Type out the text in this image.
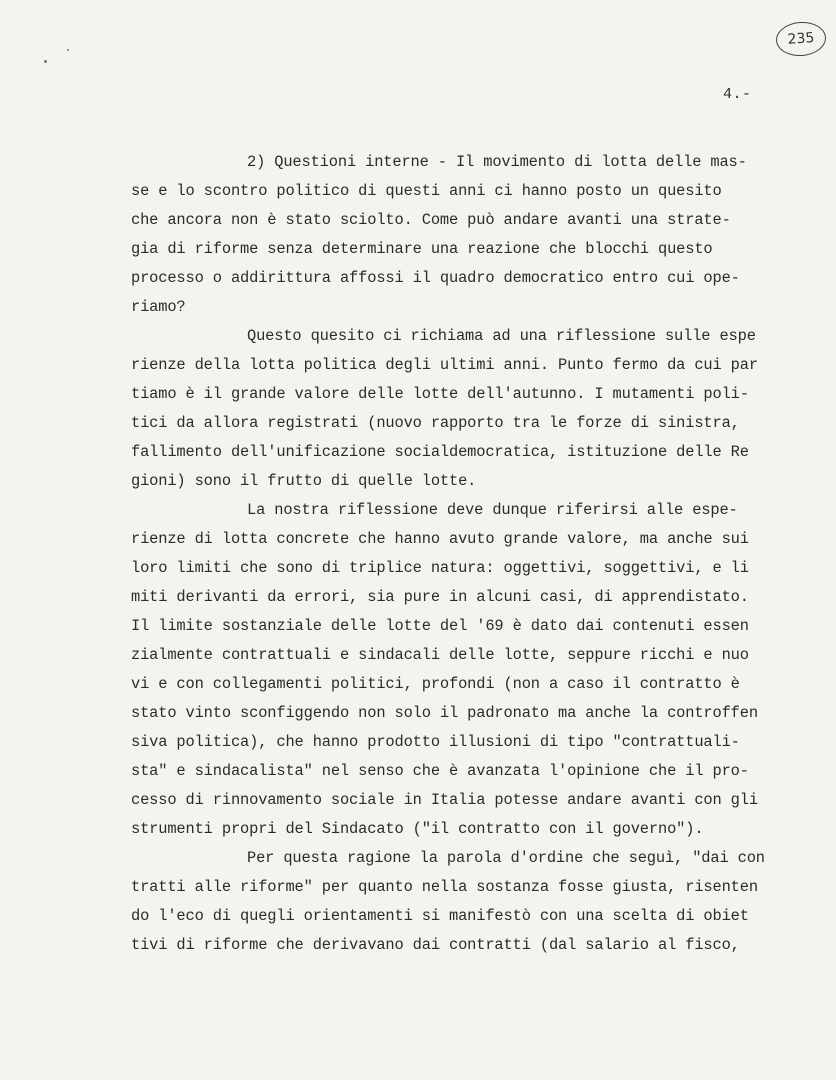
235
4.-
2) Questioni interne - Il movimento di lotta delle mas-
se e lo scontro politico di questi anni ci hanno posto un quesito
che ancora non è stato sciolto. Come può andare avanti una strate-
gia di riforme senza determinare una reazione che blocchi questo
processo o addirittura affossi il quadro democratico entro cui ope-
riamo?
Questo quesito ci richiama ad una riflessione sulle espe
rienze della lotta politica degli ultimi anni. Punto fermo da cui par
tiamo è il grande valore delle lotte dell'autunno. I mutamenti poli-
tici da allora registrati (nuovo rapporto tra le forze di sinistra,
fallimento dell'unificazione socialdemocratica, istituzione delle Re
gioni) sono il frutto di quelle lotte.
La nostra riflessione deve dunque riferirsi alle espe-
rienze di lotta concrete che hanno avuto grande valore, ma anche sui
loro limiti che sono di triplice natura: oggettivi, soggettivi, e li
miti derivanti da errori, sia pure in alcuni casi, di apprendistato.
Il limite sostanziale delle lotte del '69 è dato dai contenuti essen
zialmente contrattuali e sindacali delle lotte, seppure ricchi e nuo
vi e con collegamenti politici, profondi (non a caso il contratto è
stato vinto sconfiggendo non solo il padronato ma anche la controffen
siva politica), che hanno prodotto illusioni di tipo "contrattuali-
sta" e sindacalista" nel senso che è avanzata l'opinione che il pro-
cesso di rinnovamento sociale in Italia potesse andare avanti con gli
strumenti propri del Sindacato ("il contratto con il governo").
Per questa ragione la parola d'ordine che seguì, "dai con
tratti alle riforme" per quanto nella sostanza fosse giusta, risenten
do l'eco di quegli orientamenti si manifestò con una scelta di obiet
tivi di riforme che derivavano dai contratti (dal salario al fisco,
